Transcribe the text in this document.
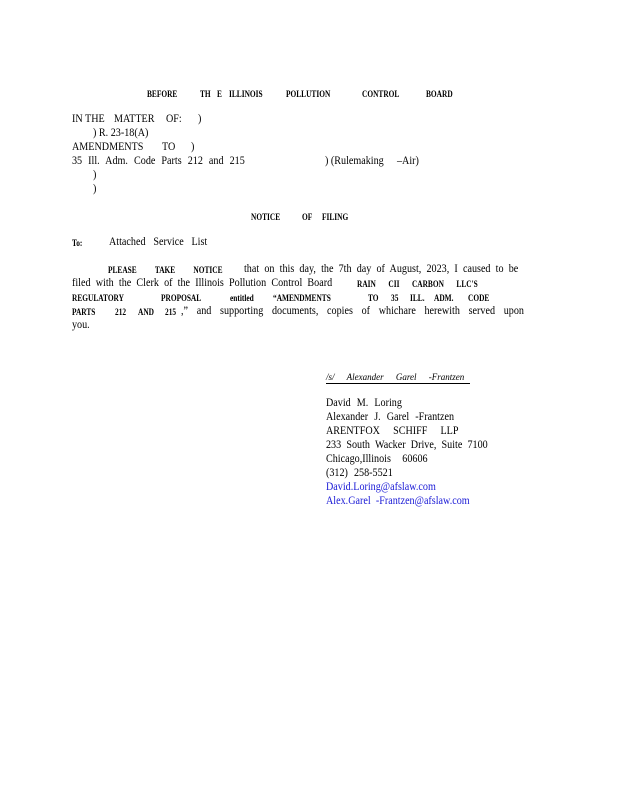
BEFORE	TH E ILLINOIS	POLLUTION	CONTROL	BOARD
IN THE MATTER OF: )
) R. 23-18(A)
AMENDMENTS TO )
35 Ill. Adm. Code Parts 212 and 215	) (Rulemaking –Air)
)
)
NOTICE OF FILING
To: Attached Service List
PLEASE TAKE NOTICE that on this day, the 7th day of August, 2023, I caused to be
filed with the Clerk of the Illinois Pollution Control Board	RAIN CII CARBON LLC'S
REGULATORY	PROPOSAL	entitled “AMENDMENTS	TO 35 ILL. ADM. CODE
PARTS 212 AND 215 ,” and supporting documents, copies of whichare herewith served upon
you.
/s/ Alexander Garel -Frantzen
David M. Loring
Alexander J. Garel -Frantzen
ARENTFOX SCHIFF LLP
233 South Wacker Drive, Suite 7100
Chicago,Illinois 60606
(312) 258-5521
David.Loring@afslaw.com
Alex.Garel -Frantzen@afslaw.com
